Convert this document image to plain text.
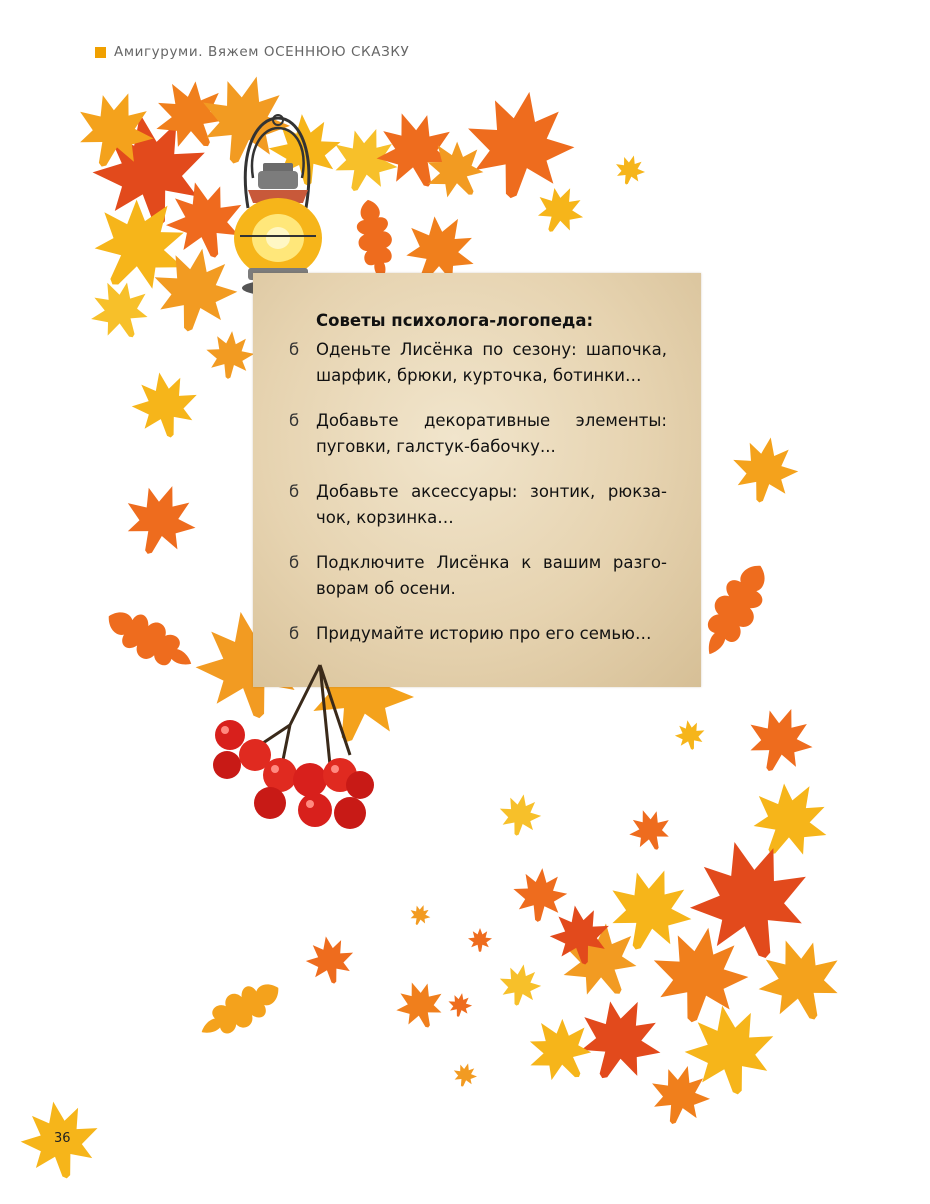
Амигуруми. Вяжем ОСЕННЮЮ СКАЗКУ
Советы психолога-логопеда:
ϭ	Оденьте Лисёнка по сезону: шапочка, шарфик, брюки, курточка, ботинки…
ϭ	Добавьте декоративные элементы: пуговки, галстук-бабочку...
ϭ	Добавьте аксессуары: зонтик, рюкза-чок, корзинка…
ϭ	Подключите Лисёнка к вашим разго-ворам об осени.
ϭ	Придумайте историю про его семью…
36
